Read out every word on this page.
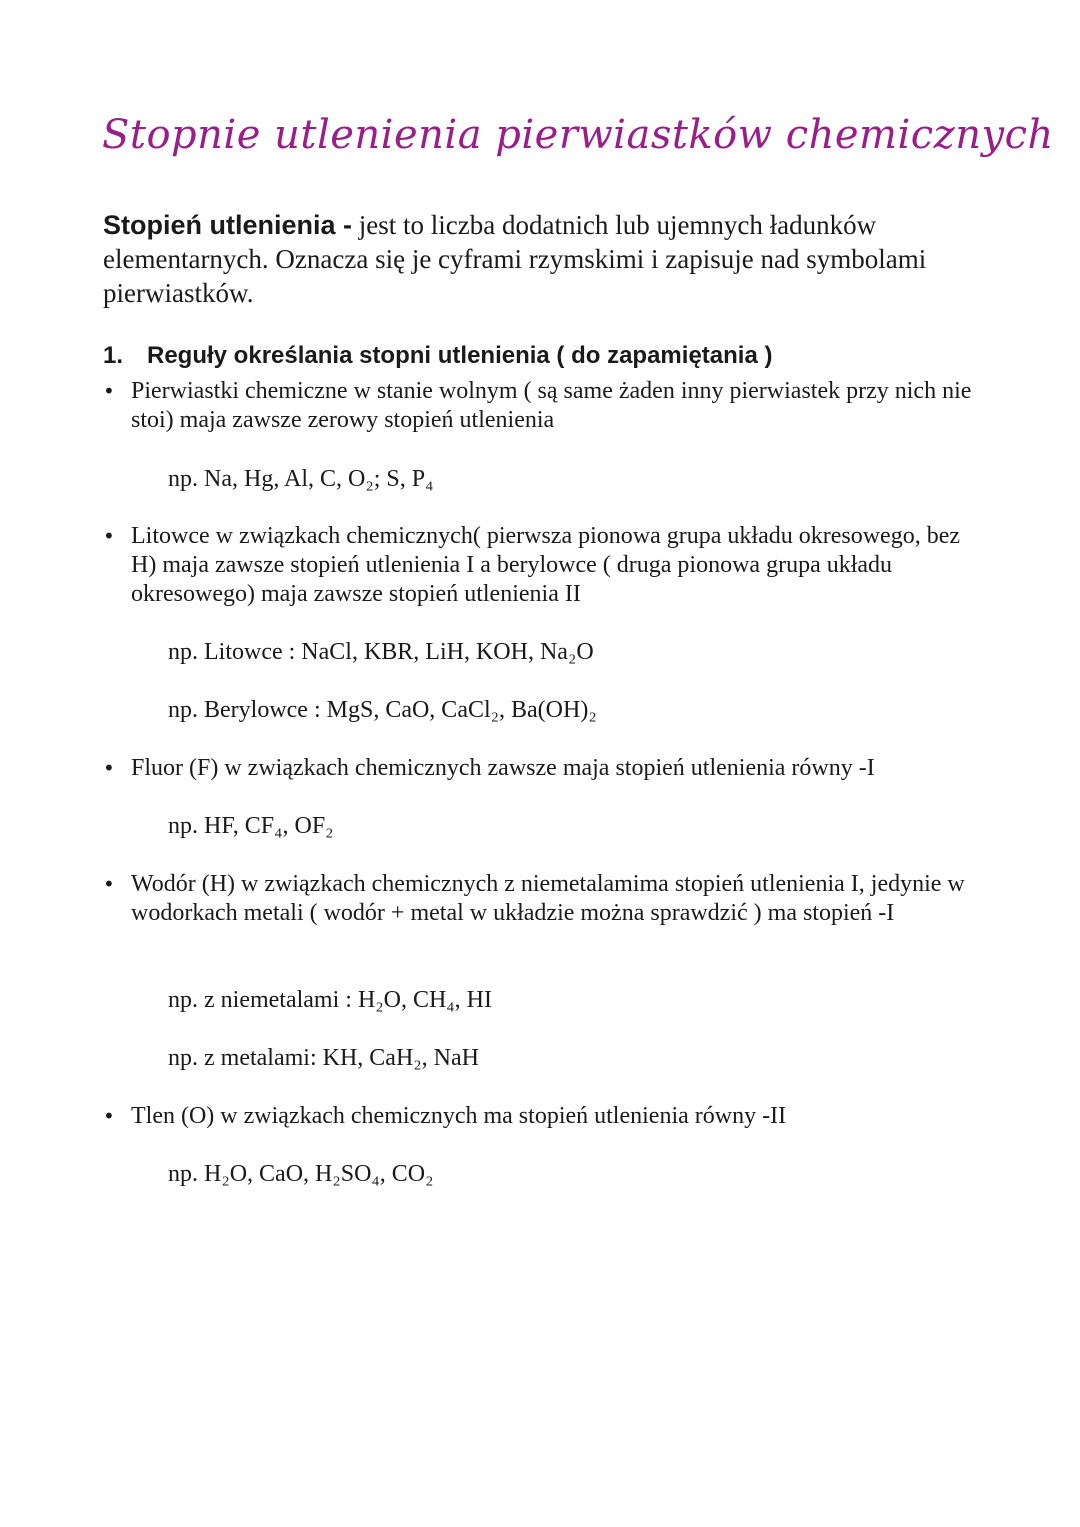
Stopnie utlenienia pierwiastków chemicznych
Stopień utlenienia - jest to liczba dodatnich lub ujemnych ładunków elementarnych. Oznacza się je cyframi rzymskimi i zapisuje nad symbolami pierwiastków.
1. Reguły określania stopni utlenienia ( do zapamiętania )
• Pierwiastki chemiczne w stanie wolnym ( są same żaden inny pierwiastek przy nich nie stoi) maja zawsze zerowy stopień utlenienia
np. Na, Hg, Al, C, O₂; S, P₄
• Litowce w związkach chemicznych( pierwsza pionowa grupa układu okresowego, bez H) maja zawsze stopień utlenienia I a berylowce ( druga pionowa grupa układu okresowego) maja zawsze stopień utlenienia II
np. Litowce : NaCl, KBR, LiH, KOH, Na₂O
np. Berylowce : MgS, CaO, CaCl₂, Ba(OH)₂
• Fluor (F) w związkach chemicznych zawsze maja stopień utlenienia równy -I
np. HF, CF₄, OF₂
• Wodór (H) w związkach chemicznych z niemetalamima stopień utlenienia I, jedynie w wodorkach metali ( wodór + metal w układzie można sprawdzić ) ma stopień -I
np. z niemetalami : H₂O, CH₄, HI
np. z metalami: KH, CaH₂, NaH
• Tlen (O) w związkach chemicznych ma stopień utlenienia równy -II
np. H₂O, CaO, H₂SO₄, CO₂
